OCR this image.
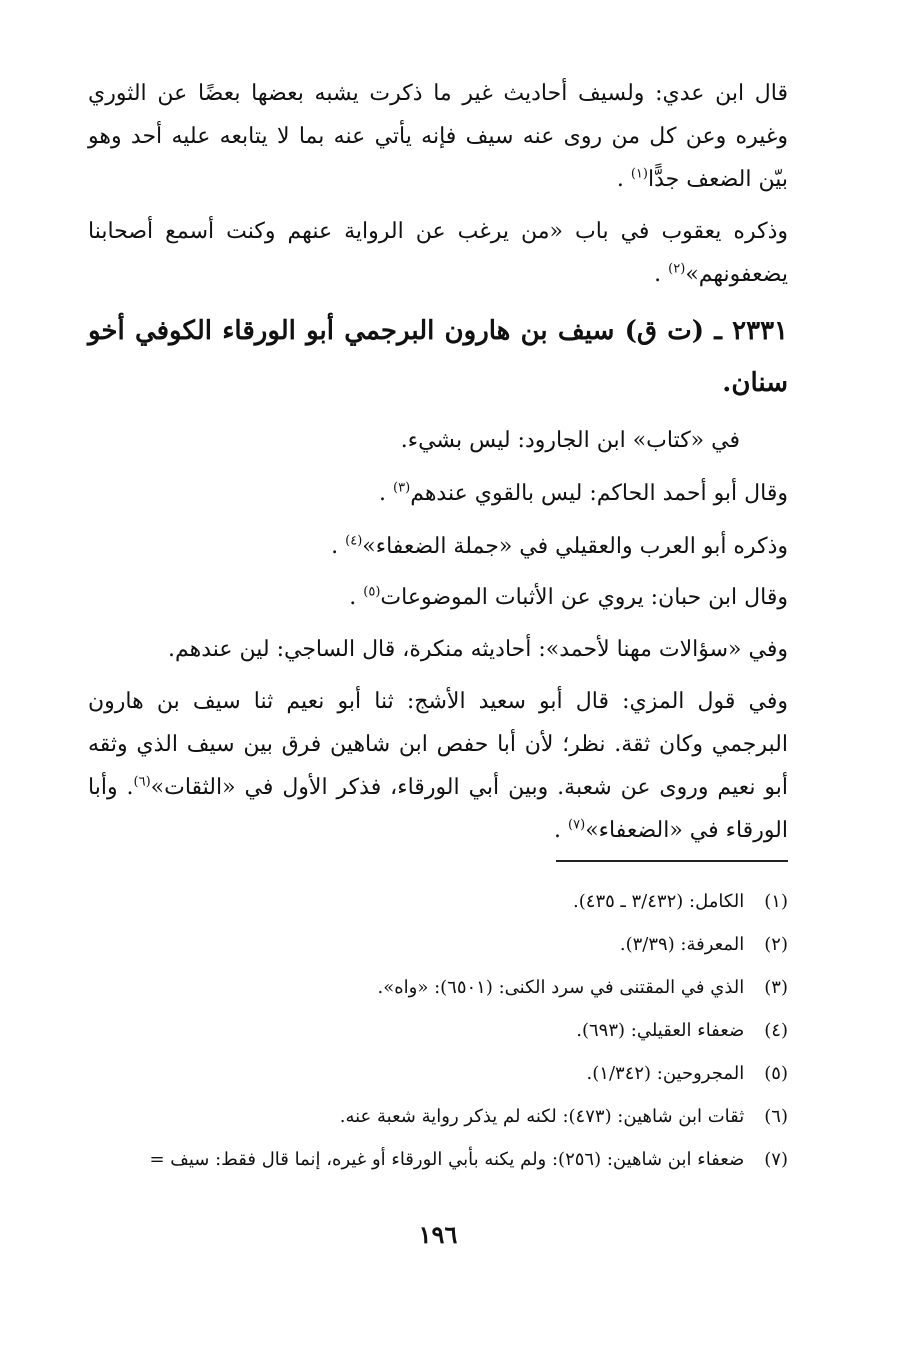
قال ابن عدي: ولسيف أحاديث غير ما ذكرت يشبه بعضها بعضًا عن الثوري وغيره وعن كل من روى عنه سيف فإنه يأتي عنه بما لا يتابعه عليه أحد وهو بيّن الضعف جدًّا$^{(١)}$ .

وذكره يعقوب في باب «من يرغب عن الرواية عنهم وكنت أسمع أصحابنا يضعفونهم»$^{(٢)}$ .

٢٣٣١ ـ (ت ق) سيف بن هارون البرجمي أبو الورقاء الكوفي أخو سنان.
في «كتاب» ابن الجارود: ليس بشيء.
وقال أبو أحمد الحاكم: ليس بالقوي عندهم$^{(٣)}$ .
وذكره أبو العرب والعقيلي في «جملة الضعفاء»$^{(٤)}$ .
وقال ابن حبان: يروي عن الأثبات الموضوعات$^{(٥)}$ .
وفي «سؤالات مهنا لأحمد»: أحاديثه منكرة، قال الساجي: لين عندهم.

وفي قول المزي: قال أبو سعيد الأشج: ثنا أبو نعيم ثنا سيف بن هارون البرجمي وكان ثقة. نظر؛ لأن أبا حفص ابن شاهين فرق بين سيف الذي وثقه أبو نعيم وروى عن شعبة. وبين أبي الورقاء، فذكر الأول في «الثقات»$^{(٦)}$. وأبا الورقاء في «الضعفاء»$^{(٧)}$ .

(١) الكامل: (٣/٤٣٢ ـ ٤٣٥).
(٢) المعرفة: (٣/٣٩).
(٣) الذي في المقتنى في سرد الكنى: (٦٥٠١): «واه».
(٤) ضعفاء العقيلي: (٦٩٣).
(٥) المجروحين: (١/٣٤٢).
(٦) ثقات ابن شاهين: (٤٧٣): لكنه لم يذكر رواية شعبة عنه.
(٧) ضعفاء ابن شاهين: (٢٥٦): ولم يكنه بأبي الورقاء أو غيره، إنما قال فقط: سيف =
١٩٦
